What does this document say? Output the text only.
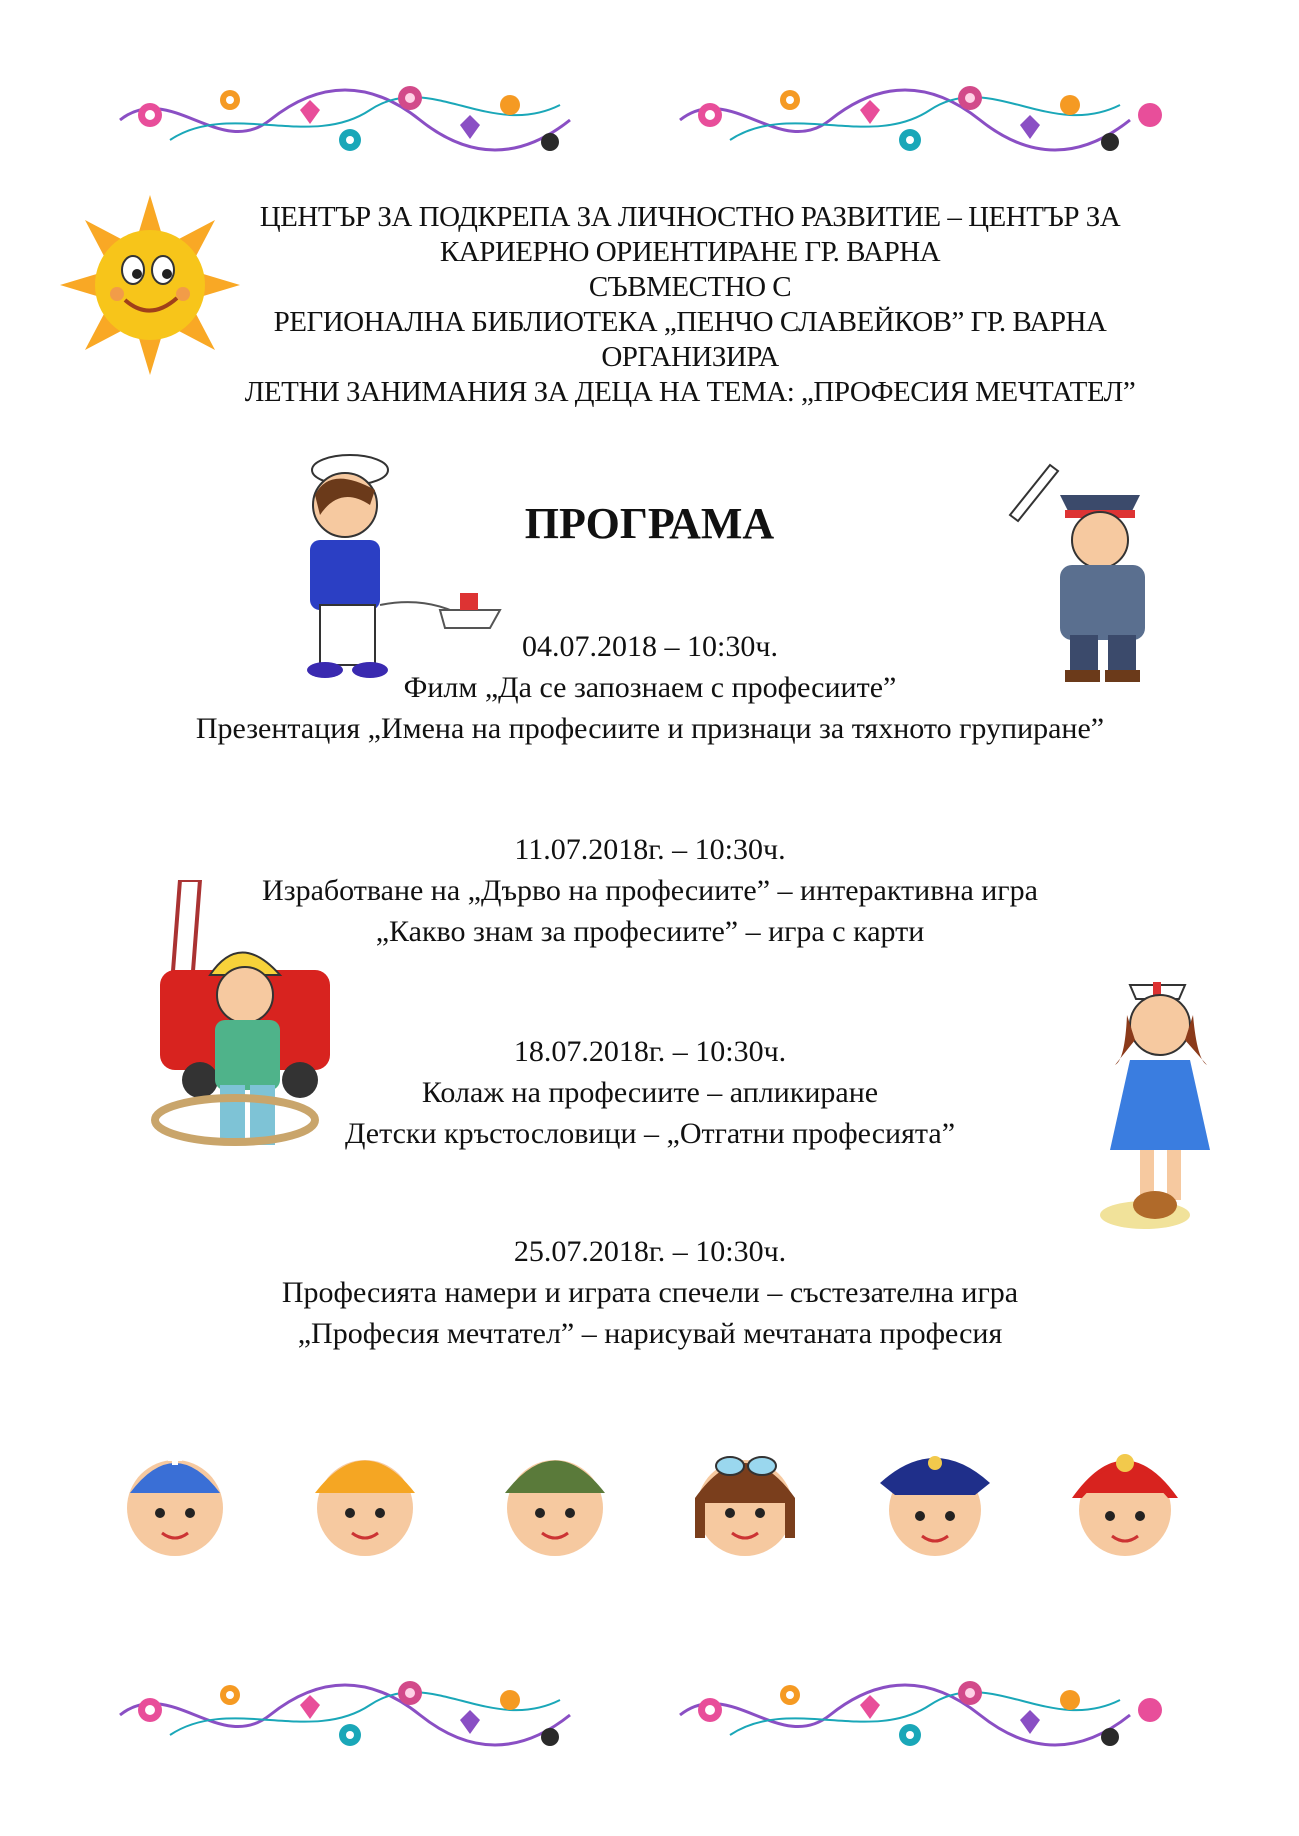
ЦЕНТЪР ЗА ПОДКРЕПА ЗА ЛИЧНОСТНО РАЗВИТИЕ – ЦЕНТЪР ЗА
КАРИЕРНО ОРИЕНТИРАНЕ ГР. ВАРНА
СЪВМЕСТНО С
РЕГИОНАЛНА БИБЛИОТЕКА „ПЕНЧО СЛАВЕЙКОВ” ГР. ВАРНА
ОРГАНИЗИРА
ЛЕТНИ ЗАНИМАНИЯ ЗА ДЕЦА НА ТЕМА: „ПРОФЕСИЯ МЕЧТАТЕЛ”
ПРОГРАМА
04.07.2018 – 10:30ч.
Филм „Да се запознаем с професиите”
Презентация „Имена на професиите и признаци за тяхното групиране”
11.07.2018г. – 10:30ч.
Изработване на „Дърво на професиите” – интерактивна игра
„Какво знам за професиите” – игра с карти
18.07.2018г. – 10:30ч.
Колаж на професиите – апликиране
Детски кръстословици – „Отгатни професията”
25.07.2018г. – 10:30ч.
Професията намери и играта спечели – състезателна игра
„Професия мечтател” – нарисувай мечтаната професия
